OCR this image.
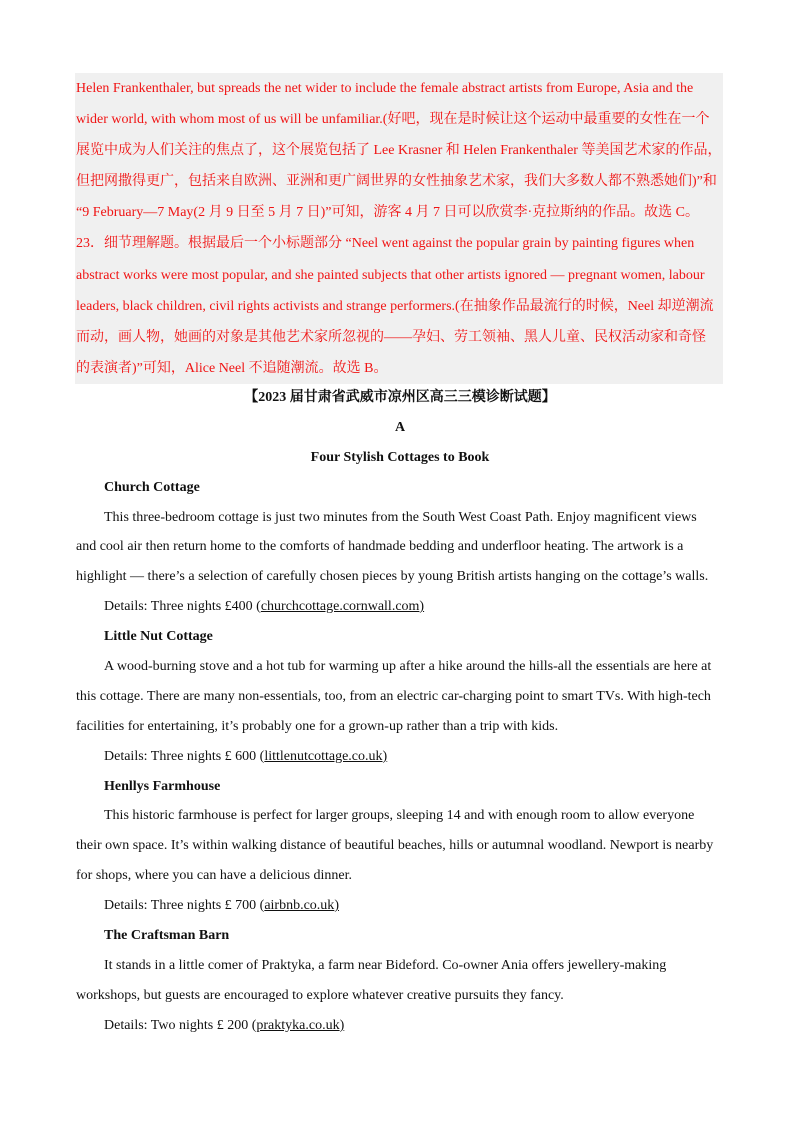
Helen Frankenthaler, but spreads the net wider to include the female abstract artists from Europe, Asia and the
wider world, with whom most of us will be unfamiliar.(好吧，现在是时候让这个运动中最重要的女性在一个
展览中成为人们关注的焦点了，这个展览包括了 Lee Krasner 和 Helen Frankenthaler 等美国艺术家的作品，
但把网撒得更广，包括来自欧洲、亚洲和更广阔世界的女性抽象艺术家，我们大多数人都不熟悉她们)”和
“9 February—7 May(2 月 9 日至 5 月 7 日)”可知，游客 4 月 7 日可以欣赏李·克拉斯纳的作品。故选 C。
23．细节理解题。根据最后一个小标题部分 “Neel went against the popular grain by painting figures when
abstract works were most popular, and she painted subjects that other artists ignored — pregnant women, labour
leaders, black children, civil rights activists and strange performers.(在抽象作品最流行的时候，Neel 却逆潮流
而动，画人物，她画的对象是其他艺术家所忽视的——孕妇、劳工领袖、黑人儿童、民权活动家和奇怪
的表演者)”可知，Alice Neel 不追随潮流。故选 B。
【2023 届甘肃省武威市凉州区高三三模诊断试题】
A
Four Stylish Cottages to Book
Church Cottage
This three-bedroom cottage is just two minutes from the South West Coast Path. Enjoy magnificent views
and cool air then return home to the comforts of handmade bedding and underfloor heating. The artwork is a
highlight — there’s a selection of carefully chosen pieces by young British artists hanging on the cottage’s walls.
Details: Three nights £400 (churchcottage.cornwall.com)
Little Nut Cottage
A wood-burning stove and a hot tub for warming up after a hike around the hills-all the essentials are here at
this cottage. There are many non-essentials, too, from an electric car-charging point to smart TVs. With high-tech
facilities for entertaining, it’s probably one for a grown-up rather than a trip with kids.
Details: Three nights £ 600 (littlenutcottage.co.uk)
Henllys Farmhouse
This historic farmhouse is perfect for larger groups, sleeping 14 and with enough room to allow everyone
their own space. It’s within walking distance of beautiful beaches, hills or autumnal woodland. Newport is nearby
for shops, where you can have a delicious dinner.
Details: Three nights £ 700 (airbnb.co.uk)
The Craftsman Barn
It stands in a little comer of Praktyka, a farm near Bideford. Co-owner Ania offers jewellery-making
workshops, but guests are encouraged to explore whatever creative pursuits they fancy.
Details: Two nights £ 200 (praktyka.co.uk)
